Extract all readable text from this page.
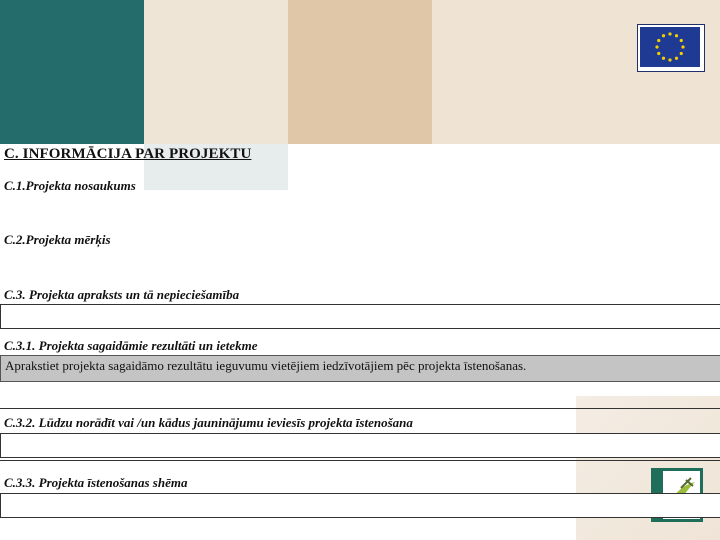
C. INFORMĀCIJA PAR PROJEKTU
C.1.Projekta nosaukums
C.2.Projekta mērķis
C.3. Projekta apraksts un tā nepieciešamība
C.3.1. Projekta sagaidāmie rezultāti un ietekme
Aprakstiet projekta sagaidāmo rezultātu ieguvumu vietējiem iedzīvotājiem pēc projekta īstenošanas.
C.3.2. Lūdzu norādīt vai /un kādus jauninājumu ieviesīs projekta īstenošana
C.3.3. Projekta īstenošanas shēma
